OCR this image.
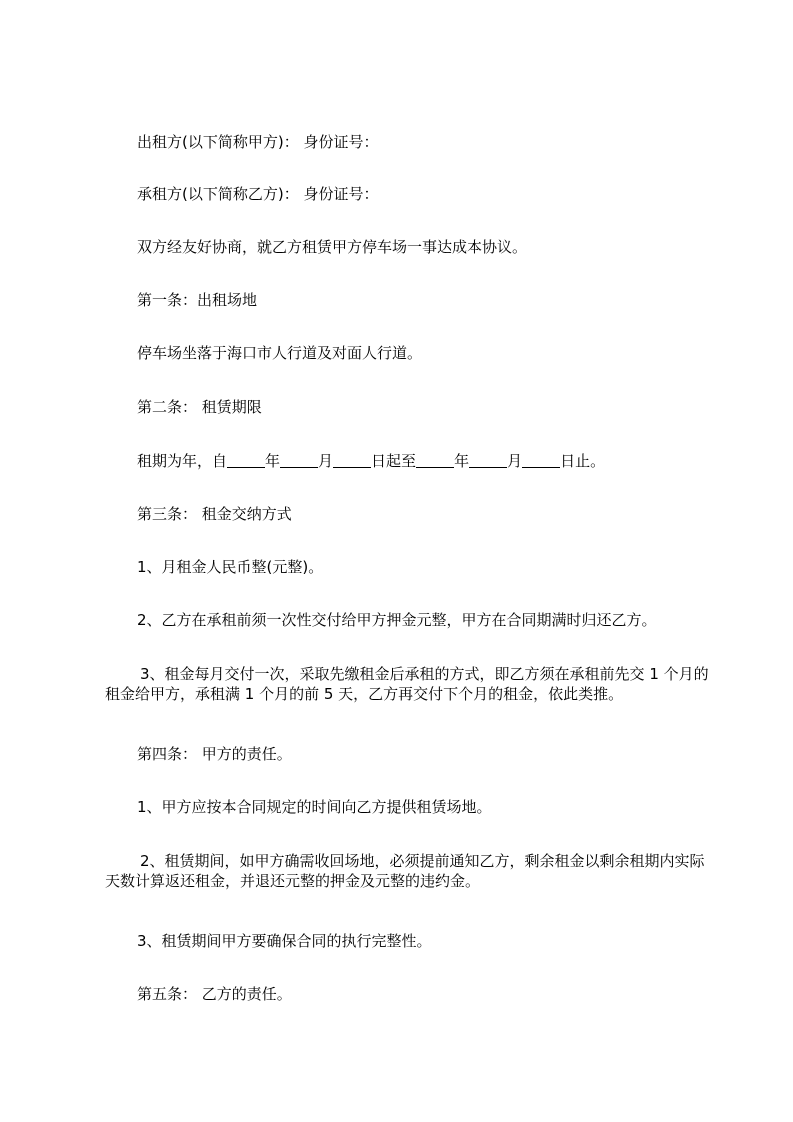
出租方(以下简称甲方)： 身份证号：
承租方(以下简称乙方)： 身份证号：
双方经友好协商，就乙方租赁甲方停车场一事达成本协议。
第一条：出租场地
停车场坐落于海口市人行道及对面人行道。
第二条： 租赁期限
租期为年，自	年	月	日起至	年	月	日止。
第三条： 租金交纳方式
1、月租金人民币整(元整)。
2、乙方在承租前须一次性交付给甲方押金元整，甲方在合同期满时归还乙方。
3、租金每月交付一次，采取先缴租金后承租的方式，即乙方须在承租前先交 1 个月的租金给甲方，承租满 1 个月的前 5 天，乙方再交付下个月的租金，依此类推。
第四条： 甲方的责任。
1、甲方应按本合同规定的时间向乙方提供租赁场地。
2、租赁期间，如甲方确需收回场地，必须提前通知乙方，剩余租金以剩余租期内实际天数计算返还租金，并退还元整的押金及元整的违约金。
3、租赁期间甲方要确保合同的执行完整性。
第五条： 乙方的责任。
